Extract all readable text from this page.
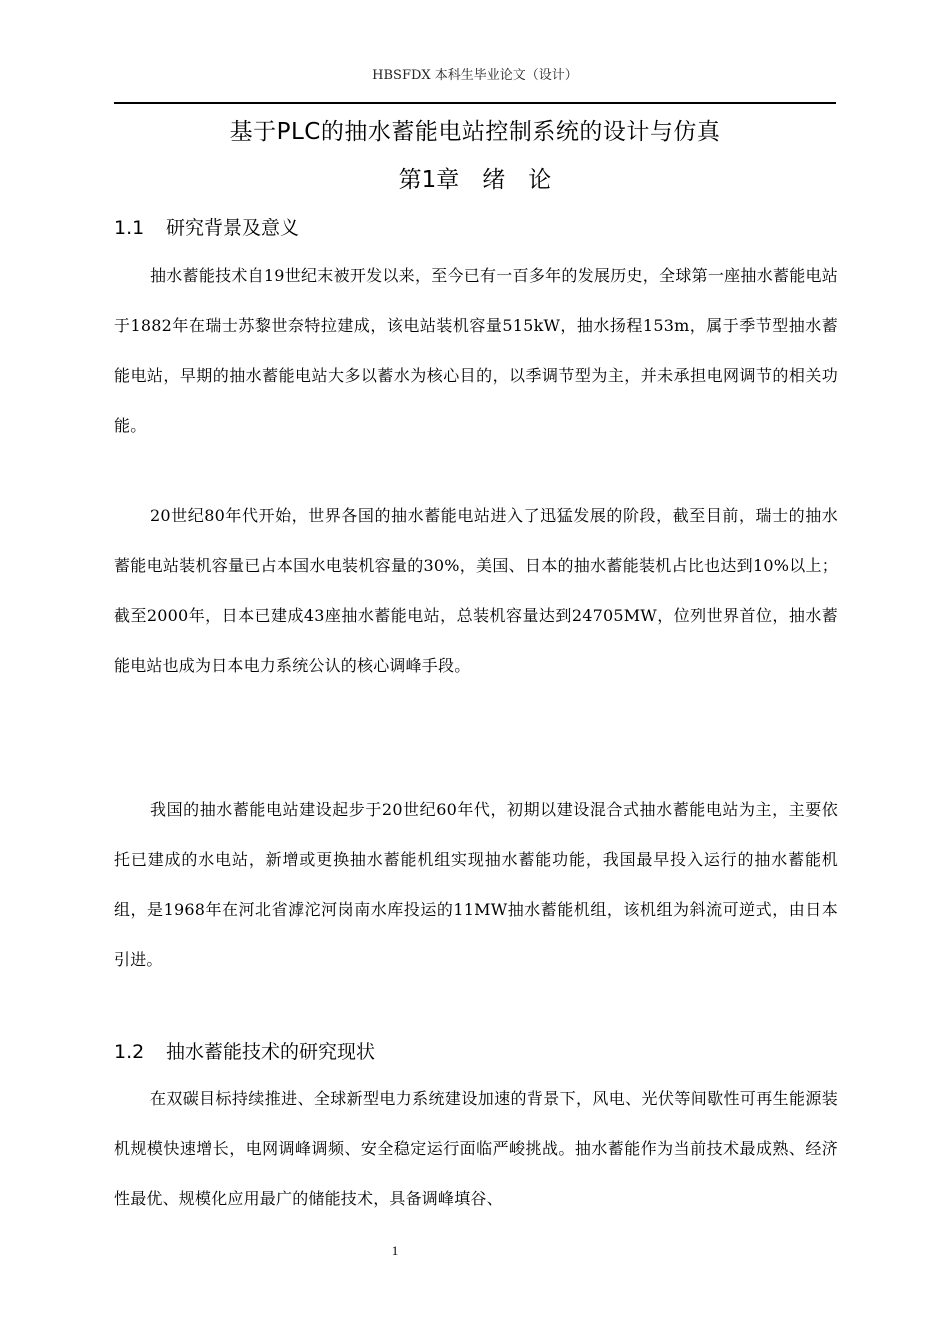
HBSFDX 本科生毕业论文（设计）
基于PLC的抽水蓄能电站控制系统的设计与仿真
第1章　绪　论
1.1 研究背景及意义
抽水蓄能技术自19世纪末被开发以来，至今已有一百多年的发展历史，全球第一座抽水蓄能电站于1882年在瑞士苏黎世奈特拉建成，该电站装机容量515kW，抽水扬程153m，属于季节型抽水蓄能电站，早期的抽水蓄能电站大多以蓄水为核心目的，以季调节型为主，并未承担电网调节的相关功能。
20世纪80年代开始，世界各国的抽水蓄能电站进入了迅猛发展的阶段，截至目前，瑞士的抽水蓄能电站装机容量已占本国水电装机容量的30%，美国、日本的抽水蓄能装机占比也达到10%以上；截至2000年，日本已建成43座抽水蓄能电站，总装机容量达到24705MW，位列世界首位，抽水蓄能电站也成为日本电力系统公认的核心调峰手段。
我国的抽水蓄能电站建设起步于20世纪60年代，初期以建设混合式抽水蓄能电站为主，主要依托已建成的水电站，新增或更换抽水蓄能机组实现抽水蓄能功能，我国最早投入运行的抽水蓄能机组，是1968年在河北省滹沱河岗南水库投运的11MW抽水蓄能机组，该机组为斜流可逆式，由日本引进。
1.2 抽水蓄能技术的研究现状
在双碳目标持续推进、全球新型电力系统建设加速的背景下，风电、光伏等间歇性可再生能源装机规模快速增长，电网调峰调频、安全稳定运行面临严峻挑战。抽水蓄能作为当前技术最成熟、经济性最优、规模化应用最广的储能技术，具备调峰填谷、
1
